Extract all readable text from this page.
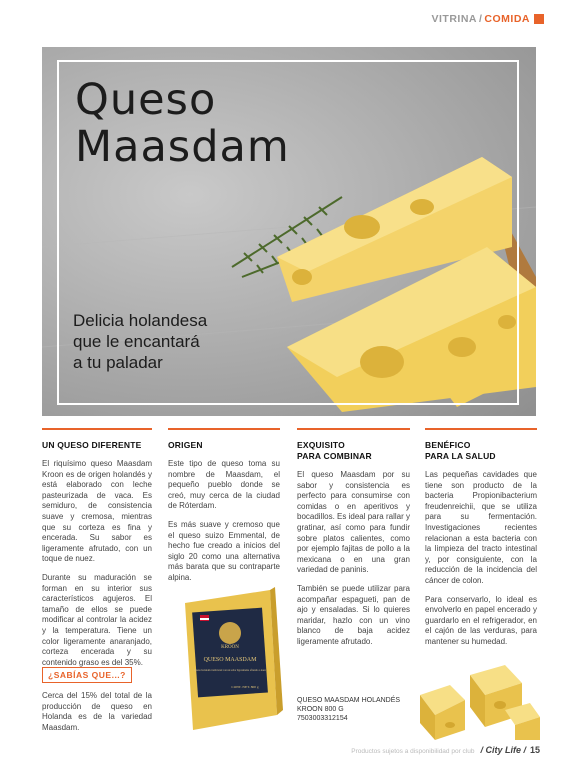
VITRINA / COMIDA
Queso
Maasdam
Delicia holandesa
que le encantará
a tu paladar
UN QUESO DIFERENTE

El riquísimo queso Maasdam Kroon es de origen holandés y está elaborado con leche pasteurizada de vaca. Es semiduro, de consistencia suave y cremosa, mientras que su corteza es fina y encerada. Su sabor es ligeramente afrutado, con un toque de nuez.

Durante su maduración se forman en su interior sus característicos agujeros. El tamaño de ellos se puede modificar al controlar la acidez y la temperatura. Tiene un color ligeramente anaranjado, corteza encerada y su contenido graso es del 35%.

ORIGEN

Este tipo de queso toma su nombre de Maasdam, el pequeño pueblo donde se creó, muy cerca de la ciudad de Róterdam.

Es más suave y cremoso que el queso suizo Emmental, de hecho fue creado a inicios del siglo 20 como una alternativa más barata que su contraparte alpina.

EXQUISITO
PARA COMBINAR

El queso Maasdam por su sabor y consistencia es perfecto para consumirse con comidas o en aperitivos y bocadillos. Es ideal para rallar y gratinar, así como para fundir sobre platos calientes, como por ejemplo fajitas de pollo a la mexicana o en una gran variedad de paninis.

También se puede utilizar para acompañar espagueti, pan de ajo y ensaladas. Si lo quieres maridar, hazlo con un vino blanco de baja acidez ligeramente afrutado.

BENÉFICO
PARA LA SALUD

Las pequeñas cavidades que tiene son producto de la bacteria Propionibacterium freudenreichii, que se utiliza para su fermentación. Investigaciones recientes relacionan a esta bacteria con la limpieza del tracto intestinal y, por consiguiente, con la reducción de la incidencia del cáncer de colon.

Para conservarlo, lo ideal es envolverlo en papel encerado y guardarlo en el refrigerador, en el cajón de las verduras, para mantener su humedad.

¿SABÍAS QUE...?

Cerca del 15% del total de la producción de queso en Holanda es de la variedad Maasdam.

KROON
QUESO MAASDAM
Queso holandés tradicional con un sabor ligeramente afrutado a nuez
CONT. NET. 800 g
QUESO MAASDAM HOLANDÉS
KROON 800 G
7503003312154
Productos sujetos a disponibilidad por club / City Life / 15
